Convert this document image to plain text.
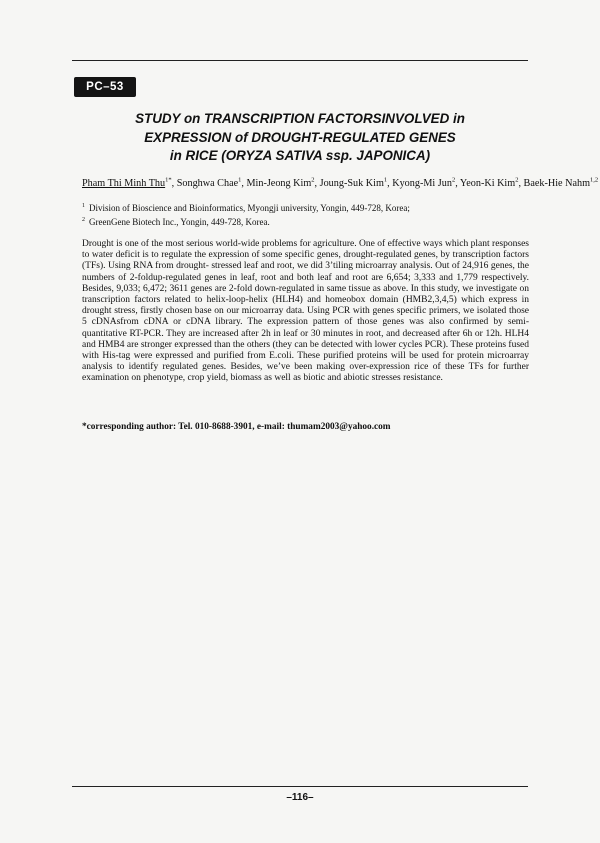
PC–53
STUDY on TRANSCRIPTION FACTORSINVOLVED in
EXPRESSION of DROUGHT-REGULATED GENES
in RICE (ORYZA SATIVA ssp. JAPONICA)
Pham Thi Minh Thu$^{1*}$, Songhwa Chae$^1$, Min-Jeong Kim$^2$, Joung-Suk Kim$^1$, Kyong-Mi Jun$^2$, Yeon-Ki Kim$^2$, Baek-Hie Nahm$^{1,2}$
$^1$ Division of Bioscience and Bioinformatics, Myongji university, Yongin, 449-728, Korea;
$^2$ GreenGene Biotech Inc., Yongin, 449-728, Korea.

Drought is one of the most serious world-wide problems for agriculture. One of effective ways which plant responses to water deficit is to regulate the expression of some specific genes, drought-regulated genes, by transcription factors (TFs). Using RNA from drought- stressed leaf and root, we did 3’tiling microarray analysis. Out of 24,916 genes, the numbers of 2-foldup-regulated genes in leaf, root and both leaf and root are 6,654; 3,333 and 1,779 respectively. Besides, 9,033; 6,472; 3611 genes are 2-fold down-regulated in same tissue as above. In this study, we investigate on transcription factors related to helix-loop-helix (HLH4) and homeobox domain (HMB2,3,4,5) which express in drought stress, firstly chosen base on our microarray data. Using PCR with genes specific primers, we isolated those 5 cDNAsfrom cDNA or cDNA library. The expression pattern of those genes was also confirmed by semi-quantitative RT-PCR. They are increased after 2h in leaf or 30 minutes in root, and decreased after 6h or 12h. HLH4 and HMB4 are stronger expressed than the others (they can be detected with lower cycles PCR). These proteins fused with His-tag were expressed and purified from E.coli. These purified proteins will be used for protein microarray analysis to identify regulated genes. Besides, we’ve been making over-expression rice of these TFs for further examination on phenotype, crop yield, biomass as well as biotic and abiotic stresses resistance.

*corresponding author: Tel. 010-8688-3901, e-mail: thumam2003@yahoo.com
–116–
